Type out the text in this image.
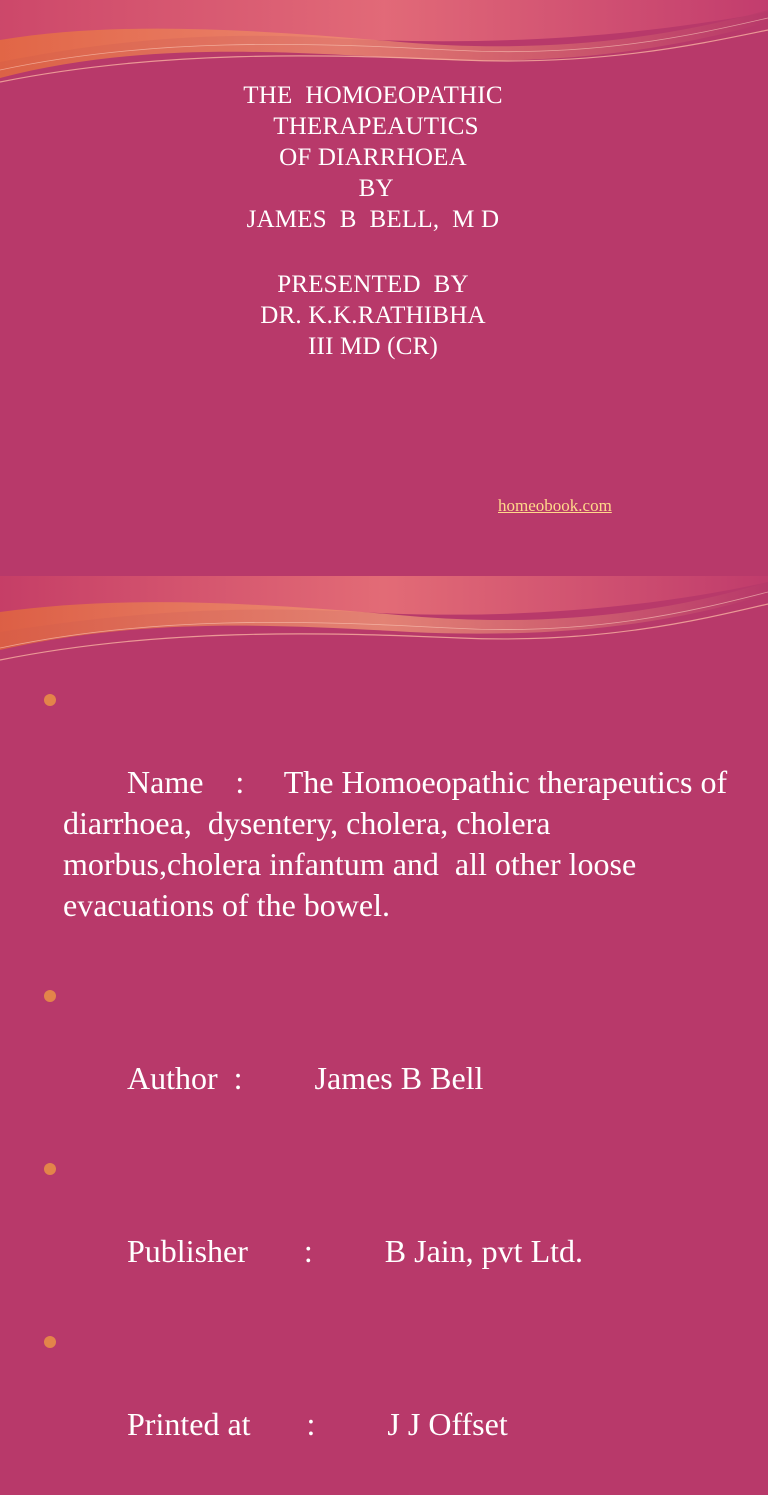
THE  HOMOEOPATHIC
THERAPEAUTICS
OF DIARRHOEA
BY
JAMES  B  BELL,  M D
PRESENTED  BY
DR. K.K.RATHIBHA
III MD (CR)
homeobook.com

Name    :     The Homoeopathic therapeutics of diarrhoea,  dysentery, cholera, cholera morbus,cholera infantum and  all other loose    evacuations of the bowel.

Author  :         James B Bell

Publisher       :         B Jain, pvt Ltd.

Printed at       :         J J Offset
